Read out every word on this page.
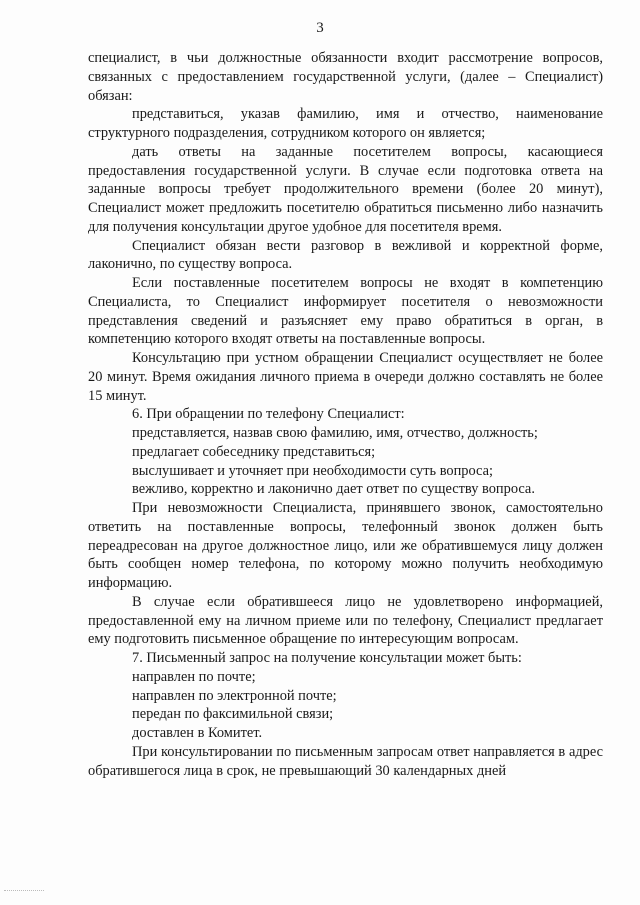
3

специалист, в чьи должностные обязанности входит рассмотрение вопросов, связанных с предоставлением государственной услуги, (далее – Специалист) обязан:

представиться, указав фамилию, имя и отчество, наименование структурного подразделения, сотрудником которого он является;

дать ответы на заданные посетителем вопросы, касающиеся предоставления государственной услуги. В случае если подготовка ответа на заданные вопросы требует продолжительного времени (более 20 минут), Специалист может предложить посетителю обратиться письменно либо назначить для получения консультации другое удобное для посетителя время.

Специалист обязан вести разговор в вежливой и корректной форме, лаконично, по существу вопроса.

Если поставленные посетителем вопросы не входят в компетенцию Специалиста, то Специалист информирует посетителя о невозможности представления сведений и разъясняет ему право обратиться в орган, в компетенцию которого входят ответы на поставленные вопросы.

Консультацию при устном обращении Специалист осуществляет не более 20 минут. Время ожидания личного приема в очереди должно составлять не более 15 минут.

6. При обращении по телефону Специалист:

представляется, назвав свою фамилию, имя, отчество, должность;

предлагает собеседнику представиться;

выслушивает и уточняет при необходимости суть вопроса;

вежливо, корректно и лаконично дает ответ по существу вопроса.

При невозможности Специалиста, принявшего звонок, самостоятельно ответить на поставленные вопросы, телефонный звонок должен быть переадресован на другое должностное лицо, или же обратившемуся лицу должен быть сообщен номер телефона, по которому можно получить необходимую информацию.

В случае если обратившееся лицо не удовлетворено информацией, предоставленной ему на личном приеме или по телефону, Специалист предлагает ему подготовить письменное обращение по интересующим вопросам.

7. Письменный запрос на получение консультации может быть:

направлен по почте;

направлен по электронной почте;

передан по факсимильной связи;

доставлен в Комитет.

При консультировании по письменным запросам ответ направляется в адрес обратившегося лица в срок, не превышающий 30 календарных дней
